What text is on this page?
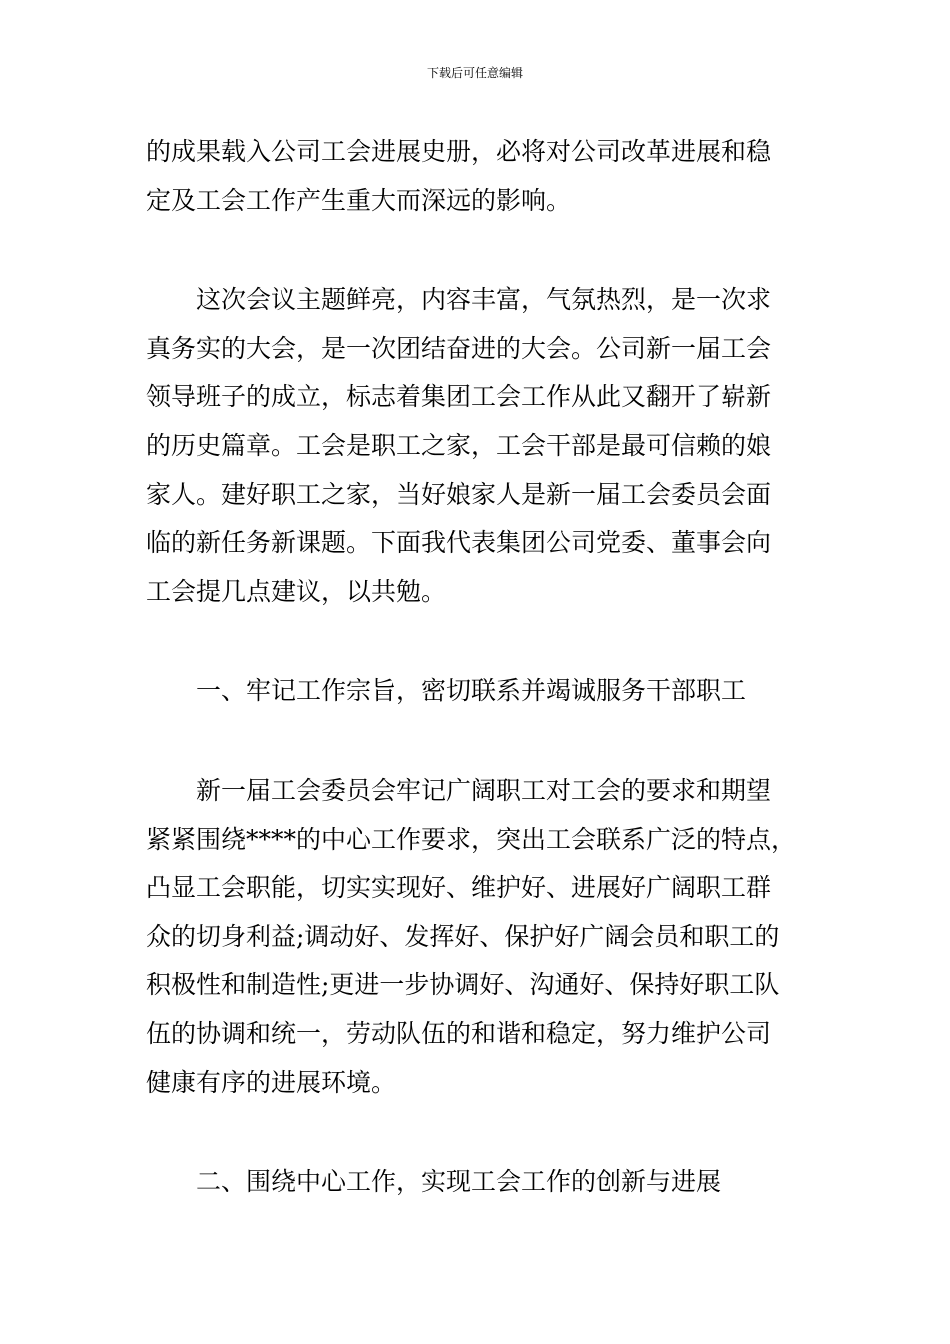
下载后可任意编辑

的成果载入公司工会进展史册，必将对公司改革进展和稳
定及工会工作产生重大而深远的影响。

这次会议主题鲜亮，内容丰富，气氛热烈，是一次求
真务实的大会，是一次团结奋进的大会。公司新一届工会
领导班子的成立，标志着集团工会工作从此又翻开了崭新
的历史篇章。工会是职工之家，工会干部是最可信赖的娘
家人。建好职工之家，当好娘家人是新一届工会委员会面
临的新任务新课题。下面我代表集团公司党委、董事会向
工会提几点建议，以共勉。

一、牢记工作宗旨，密切联系并竭诚服务干部职工

新一届工会委员会牢记广阔职工对工会的要求和期望
紧紧围绕****的中心工作要求，突出工会联系广泛的特点，
凸显工会职能，切实实现好、维护好、进展好广阔职工群
众的切身利益;调动好、发挥好、保护好广阔会员和职工的
积极性和制造性;更进一步协调好、沟通好、保持好职工队
伍的协调和统一，劳动队伍的和谐和稳定，努力维护公司
健康有序的进展环境。

二、围绕中心工作，实现工会工作的创新与进展
